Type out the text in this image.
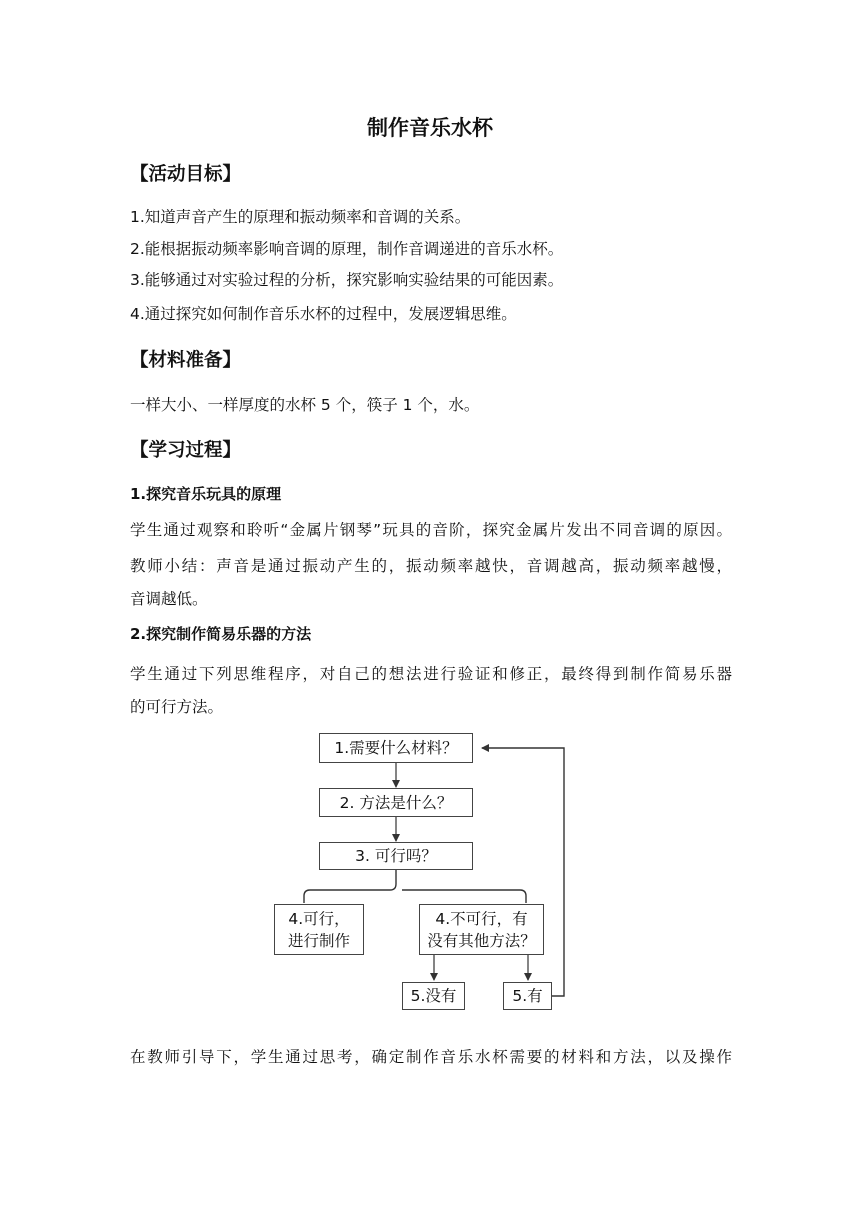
制作音乐水杯
【活动目标】
1.知道声音产生的原理和振动频率和音调的关系。
2.能根据振动频率影响音调的原理，制作音调递进的音乐水杯。
3.能够通过对实验过程的分析，探究影响实验结果的可能因素。
4.通过探究如何制作音乐水杯的过程中，发展逻辑思维。
【材料准备】
一样大小、一样厚度的水杯 5 个，筷子 1 个，水。
【学习过程】
1.探究音乐玩具的原理
学生通过观察和聆听“金属片钢琴”玩具的音阶，探究金属片发出不同音调的原因。
教师小结：声音是通过振动产生的，振动频率越快，音调越高，振动频率越慢，
音调越低。
2.探究制作简易乐器的方法
学生通过下列思维程序，对自己的想法进行验证和修正，最终得到制作简易乐器
的可行方法。
1.需要什么材料？
2. 方法是什么？
3. 可行吗？
4.可行，
进行制作
4.不可行，有
没有其他方法？
5.没有	5.有
在教师引导下，学生通过思考，确定制作音乐水杯需要的材料和方法，以及操作
